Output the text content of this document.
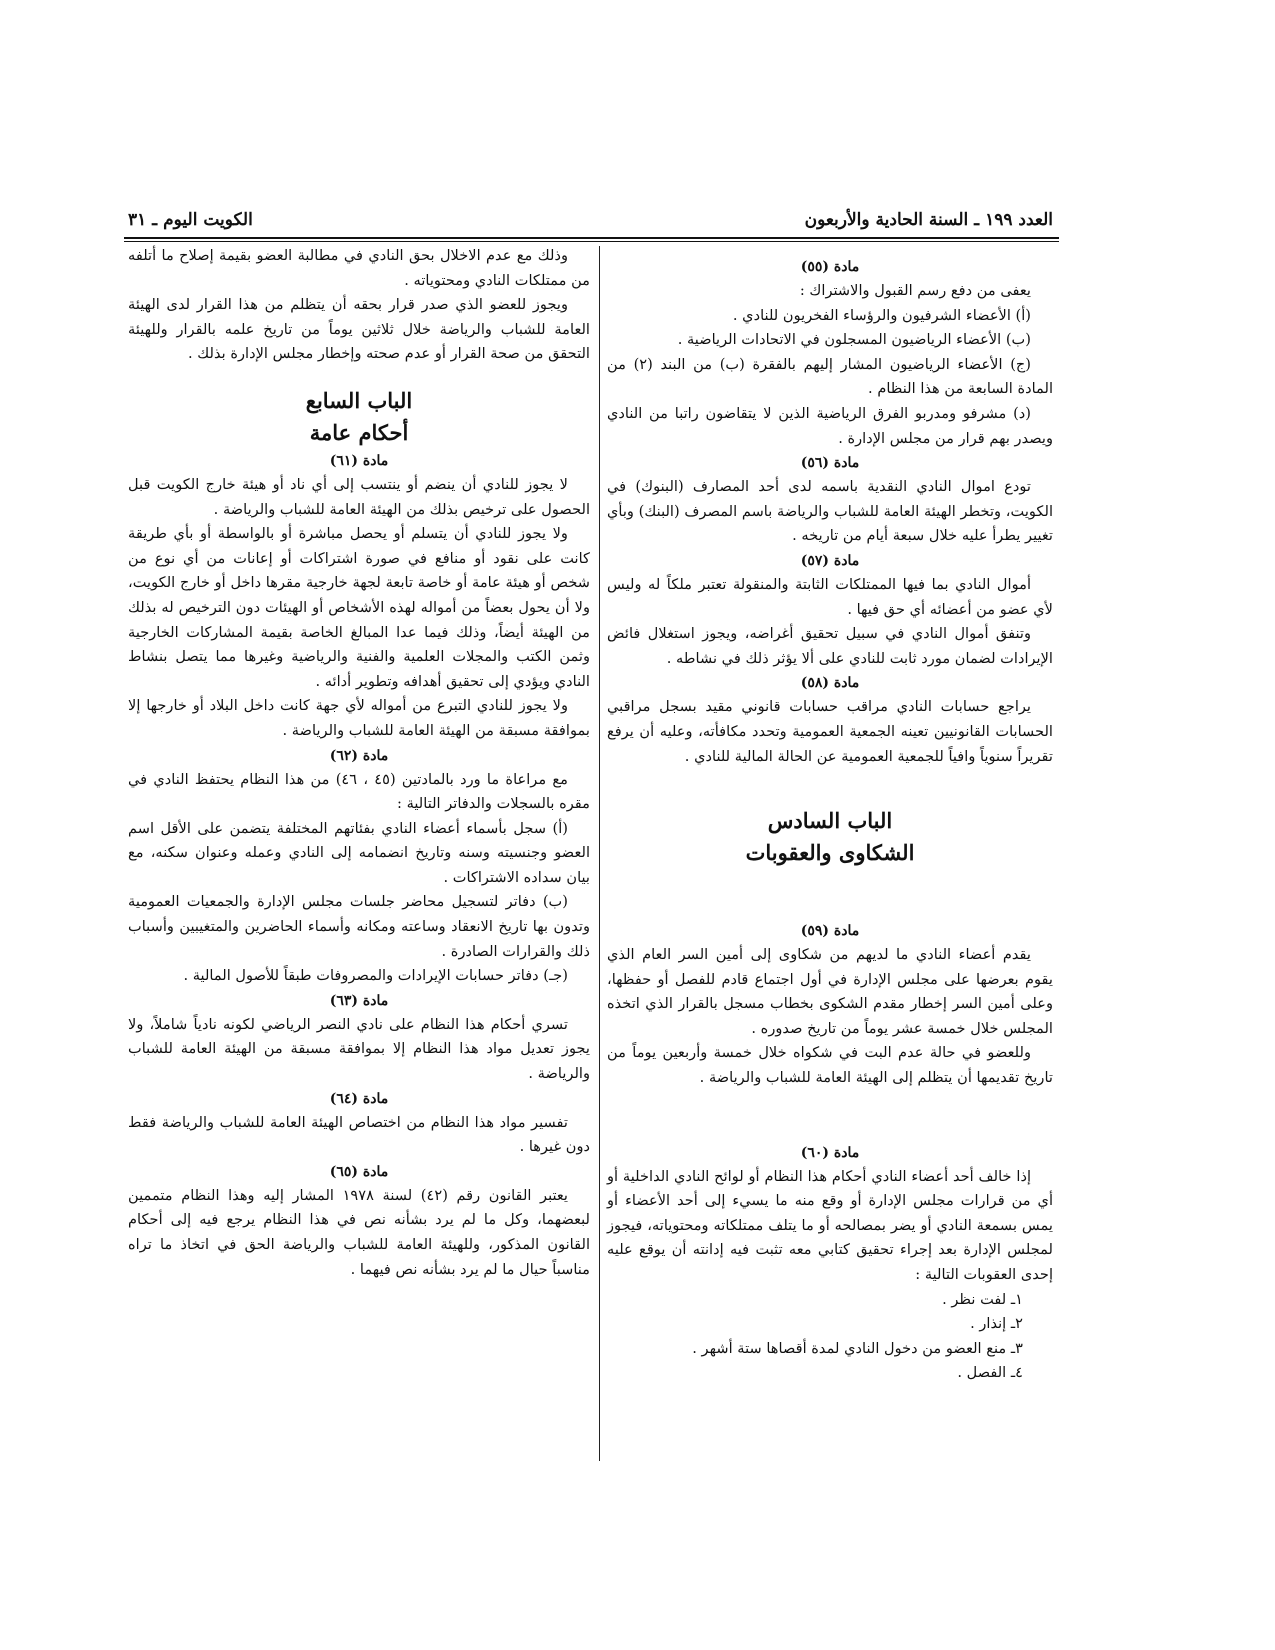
العدد ١٩٩ ـ السنة الحادية والأربعون
الكويت اليوم ـ ٣١

مادة (٥٥)

يعفى من دفع رسم القبول والاشتراك :

(أ) الأعضاء الشرفيون والرؤساء الفخريون للنادي .

(ب) الأعضاء الرياضيون المسجلون في الاتحادات الرياضية .

(ج) الأعضاء الرياضيون المشار إليهم بالفقرة (ب) من البند (٢) من المادة السابعة من هذا النظام .

(د) مشرفو ومدربو الفرق الرياضية الذين لا يتقاضون راتبا من النادي ويصدر بهم قرار من مجلس الإدارة .

مادة (٥٦)

تودع اموال النادي النقدية باسمه لدى أحد المصارف (البنوك) في الكويت، وتخطر الهيئة العامة للشباب والرياضة باسم المصرف (البنك) وبأي تغيير يطرأ عليه خلال سبعة أيام من تاريخه .

مادة (٥٧)

أموال النادي بما فيها الممتلكات الثابتة والمنقولة تعتبر ملكاً له وليس لأي عضو من أعضائه أي حق فيها .

وتنفق أموال النادي في سبيل تحقيق أغراضه، ويجوز استغلال فائض الإيرادات لضمان مورد ثابت للنادي على ألا يؤثر ذلك في نشاطه .

مادة (٥٨)

يراجع حسابات النادي مراقب حسابات قانوني مقيد بسجل مراقبي الحسابات القانونيين تعينه الجمعية العمومية وتحدد مكافأته، وعليه أن يرفع تقريراً سنوياً وافياً للجمعية العمومية عن الحالة المالية للنادي .

الباب السادس

الشكاوى والعقوبات

مادة (٥٩)

يقدم أعضاء النادي ما لديهم من شكاوى إلى أمين السر العام الذي يقوم بعرضها على مجلس الإدارة في أول اجتماع قادم للفصل أو حفظها، وعلى أمين السر إخطار مقدم الشكوى بخطاب مسجل بالقرار الذي اتخذه المجلس خلال خمسة عشر يوماً من تاريخ صدوره .

وللعضو في حالة عدم البت في شكواه خلال خمسة وأربعين يوماً من تاريخ تقديمها أن يتظلم إلى الهيئة العامة للشباب والرياضة .

مادة (٦٠)

إذا خالف أحد أعضاء النادي أحكام هذا النظام أو لوائح النادي الداخلية أو أي من قرارات مجلس الإدارة أو وقع منه ما يسيء إلى أحد الأعضاء أو يمس بسمعة النادي أو يضر بمصالحه أو ما يتلف ممتلكاته ومحتوياته، فيجوز لمجلس الإدارة بعد إجراء تحقيق كتابي معه تثبت فيه إدانته أن يوقع عليه إحدى العقوبات التالية :

١ـ لفت نظر .
٢ـ إنذار .
٣ـ منع العضو من دخول النادي لمدة أقصاها ستة أشهر .
٤ـ الفصل .

وذلك مع عدم الاخلال بحق النادي في مطالبة العضو بقيمة إصلاح ما أتلفه من ممتلكات النادي ومحتوياته .

ويجوز للعضو الذي صدر قرار بحقه أن يتظلم من هذا القرار لدى الهيئة العامة للشباب والرياضة خلال ثلاثين يوماً من تاريخ علمه بالقرار وللهيئة التحقق من صحة القرار أو عدم صحته وإخطار مجلس الإدارة بذلك .

الباب السابع

أحكام عامة

مادة (٦١)

لا يجوز للنادي أن ينضم أو ينتسب إلى أي ناد أو هيئة خارج الكويت قبل الحصول على ترخيص بذلك من الهيئة العامة للشباب والرياضة .

ولا يجوز للنادي أن يتسلم أو يحصل مباشرة أو بالواسطة أو بأي طريقة كانت على نقود أو منافع في صورة اشتراكات أو إعانات من أي نوع من شخص أو هيئة عامة أو خاصة تابعة لجهة خارجية مقرها داخل أو خارج الكويت، ولا أن يحول بعضاً من أمواله لهذه الأشخاص أو الهيئات دون الترخيص له بذلك من الهيئة أيضاً، وذلك فيما عدا المبالغ الخاصة بقيمة المشاركات الخارجية وثمن الكتب والمجلات العلمية والفنية والرياضية وغيرها مما يتصل بنشاط النادي ويؤدي إلى تحقيق أهدافه وتطوير أدائه .

ولا يجوز للنادي التبرع من أمواله لأي جهة كانت داخل البلاد أو خارجها إلا بموافقة مسبقة من الهيئة العامة للشباب والرياضة .

مادة (٦٢)

مع مراعاة ما ورد بالمادتين (٤٥ ، ٤٦) من هذا النظام يحتفظ النادي في مقره بالسجلات والدفاتر التالية :

(أ) سجل بأسماء أعضاء النادي بفئاتهم المختلفة يتضمن على الأقل اسم العضو وجنسيته وسنه وتاريخ انضمامه إلى النادي وعمله وعنوان سكنه، مع بيان سداده الاشتراكات .

(ب) دفاتر لتسجيل محاضر جلسات مجلس الإدارة والجمعيات العمومية وتدون بها تاريخ الانعقاد وساعته ومكانه وأسماء الحاضرين والمتغيبين وأسباب ذلك والقرارات الصادرة .

(جـ) دفاتر حسابات الإيرادات والمصروفات طبقاً للأصول المالية .

مادة (٦٣)

تسري أحكام هذا النظام على نادي النصر الرياضي لكونه نادياً شاملاً، ولا يجوز تعديل مواد هذا النظام إلا بموافقة مسبقة من الهيئة العامة للشباب والرياضة .

مادة (٦٤)

تفسير مواد هذا النظام من اختصاص الهيئة العامة للشباب والرياضة فقط دون غيرها .

مادة (٦٥)

يعتبر القانون رقم (٤٢) لسنة ١٩٧٨ المشار إليه وهذا النظام متممين لبعضهما، وكل ما لم يرد بشأنه نص في هذا النظام يرجع فيه إلى أحكام القانون المذكور، وللهيئة العامة للشباب والرياضة الحق في اتخاذ ما تراه مناسباً حيال ما لم يرد بشأنه نص فيهما .
